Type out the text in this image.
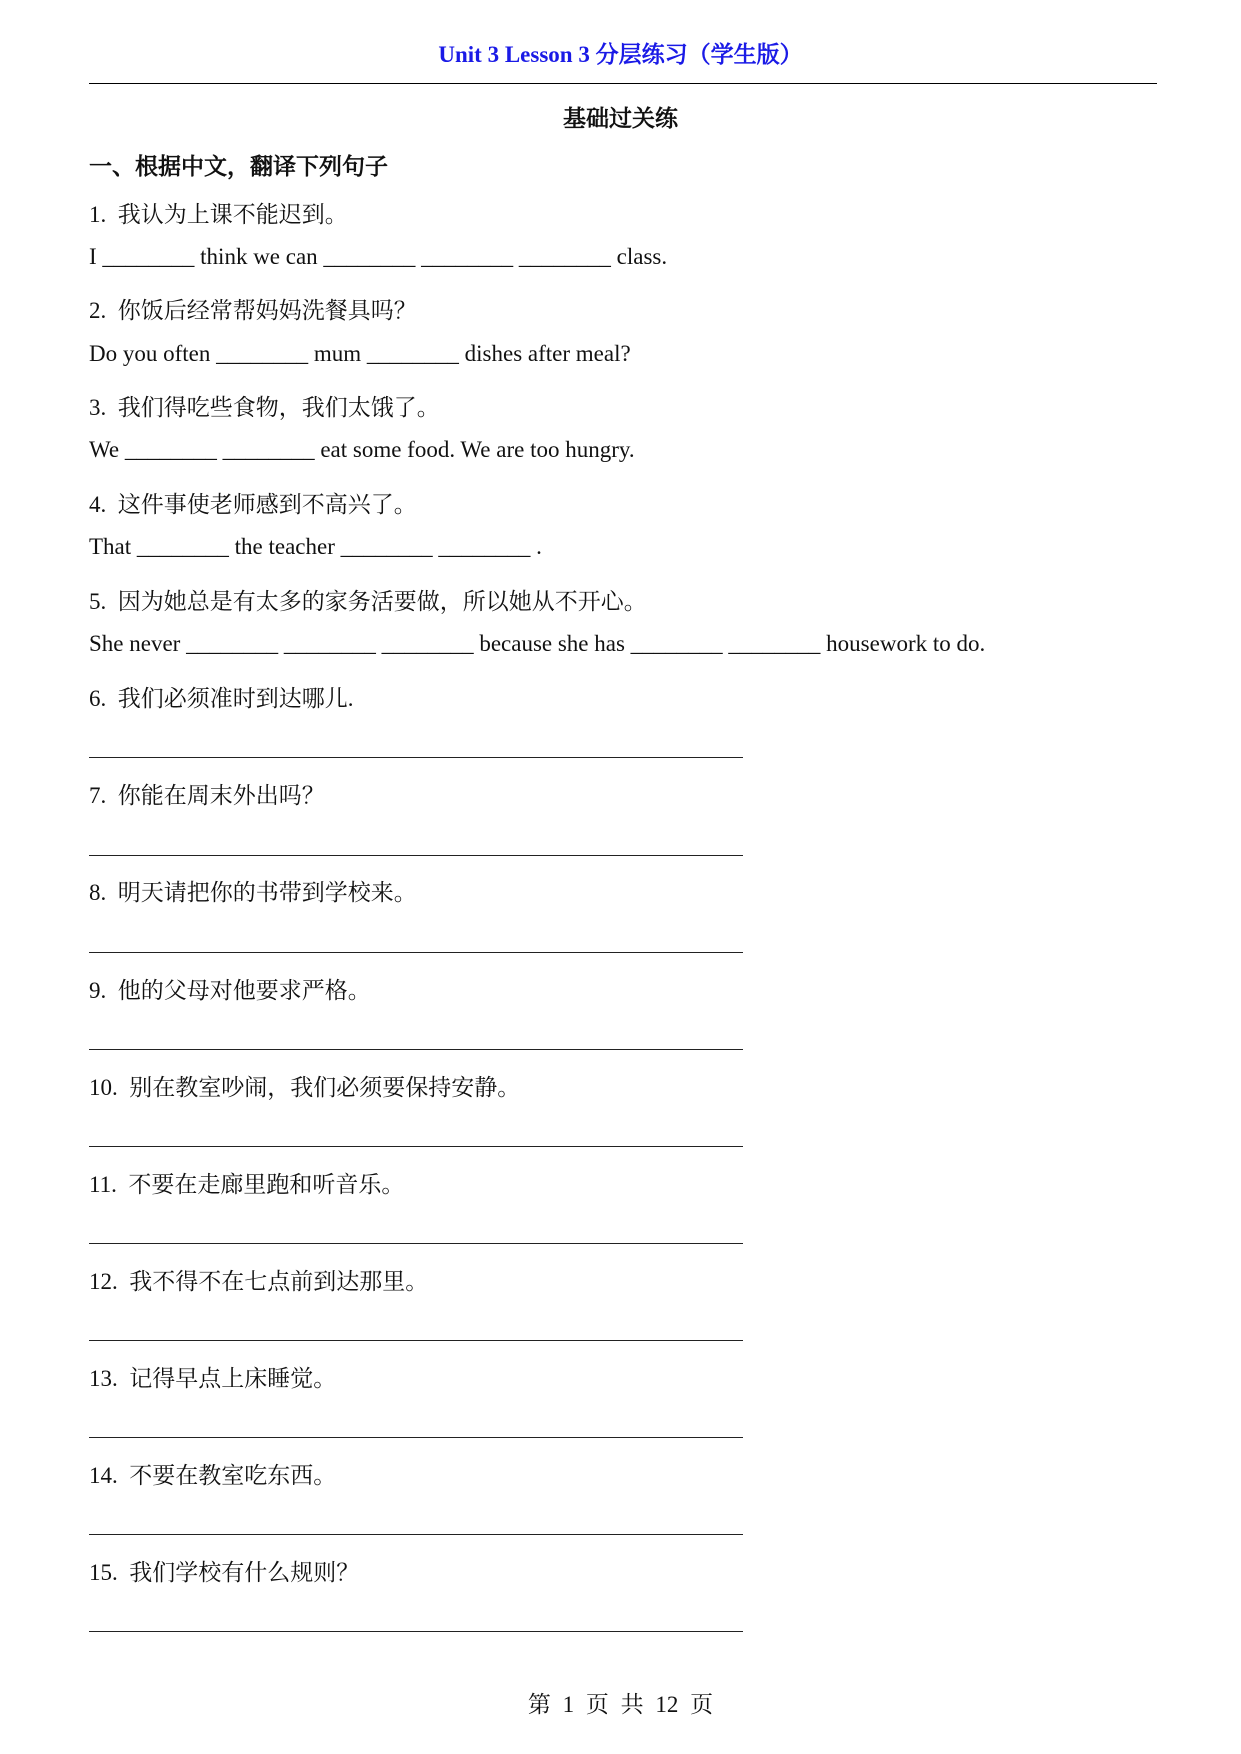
Unit 3 Lesson 3 分层练习（学生版）
基础过关练
一、根据中文，翻译下列句子
1. 我认为上课不能迟到。
I ________ think we can ________ ________ ________ class.
2. 你饭后经常帮妈妈洗餐具吗？
Do you often ________ mum ________ dishes after meal?
3. 我们得吃些食物，我们太饿了。
We ________ ________ eat some food. We are too hungry.
4. 这件事使老师感到不高兴了。
That ________ the teacher ________ ________ .
5. 因为她总是有太多的家务活要做，所以她从不开心。
She never ________ ________ ________ because she has ________ ________ housework to do.
6. 我们必须准时到达哪儿.
7. 你能在周末外出吗？
8. 明天请把你的书带到学校来。
9. 他的父母对他要求严格。
10. 别在教室吵闹，我们必须要保持安静。
11. 不要在走廊里跑和听音乐。
12. 我不得不在七点前到达那里。
13. 记得早点上床睡觉。
14. 不要在教室吃东西。
15. 我们学校有什么规则？
第 1 页 共 12 页
